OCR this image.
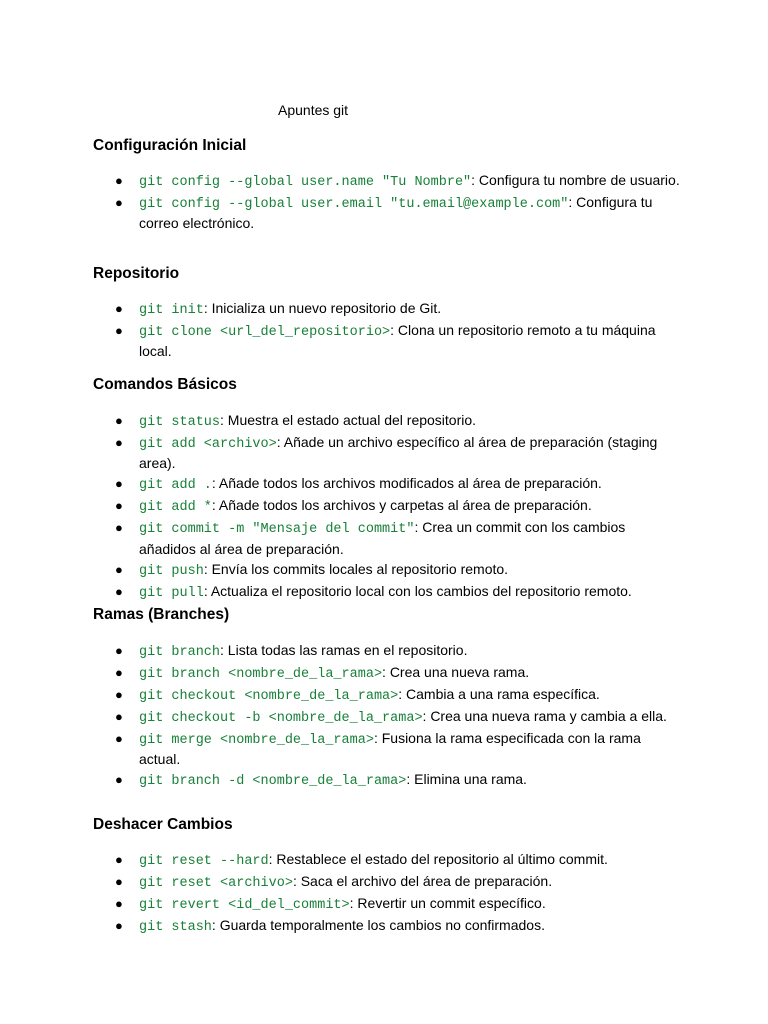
Apuntes git
Configuración Inicial
● git config --global user.name "Tu Nombre": Configura tu nombre de usuario.
● git config --global user.email "tu.email@example.com": Configura tu correo electrónico.
Repositorio
● git init: Inicializa un nuevo repositorio de Git.
● git clone <url_del_repositorio>: Clona un repositorio remoto a tu máquina local.
Comandos Básicos
● git status: Muestra el estado actual del repositorio.
● git add <archivo>: Añade un archivo específico al área de preparación (staging area).
● git add .: Añade todos los archivos modificados al área de preparación.
● git add *: Añade todos los archivos y carpetas al área de preparación.
● git commit -m "Mensaje del commit": Crea un commit con los cambios añadidos al área de preparación.
● git push: Envía los commits locales al repositorio remoto.
● git pull: Actualiza el repositorio local con los cambios del repositorio remoto.
Ramas (Branches)
● git branch: Lista todas las ramas en el repositorio.
● git branch <nombre_de_la_rama>: Crea una nueva rama.
● git checkout <nombre_de_la_rama>: Cambia a una rama específica.
● git checkout -b <nombre_de_la_rama>: Crea una nueva rama y cambia a ella.
● git merge <nombre_de_la_rama>: Fusiona la rama especificada con la rama actual.
● git branch -d <nombre_de_la_rama>: Elimina una rama.
Deshacer Cambios
● git reset --hard: Restablece el estado del repositorio al último commit.
● git reset <archivo>: Saca el archivo del área de preparación.
● git revert <id_del_commit>: Revertir un commit específico.
● git stash: Guarda temporalmente los cambios no confirmados.
